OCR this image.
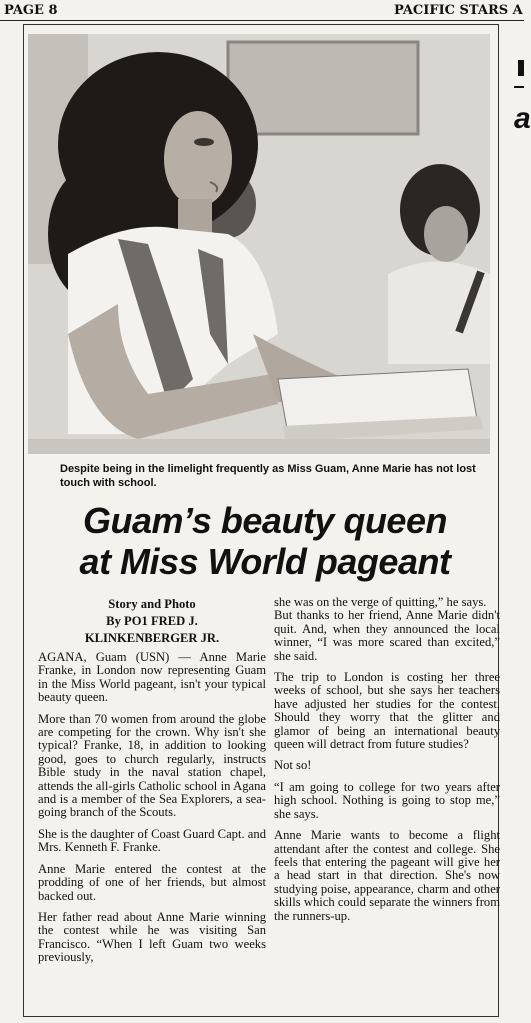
PAGE 8	PACIFIC STARS A
Despite being in the limelight frequently as Miss Guam, Anne Marie has not lost touch with school.
Guam’s beauty queen
at Miss World pageant
Story and Photo
By PO1 FRED J.
KLINKENBERGER JR.

AGANA, Guam (USN) — Anne Marie Franke, in London now representing Guam in the Miss World pageant, isn't your typical beauty queen.

More than 70 women from around the globe are competing for the crown. Why isn't she typical? Franke, 18, in addition to looking good, goes to church regularly, instructs Bible study in the naval station chapel, attends the all-girls Catholic school in Agana and is a member of the Sea Explorers, a sea-going branch of the Scouts.

She is the daughter of Coast Guard Capt. and Mrs. Kenneth F. Franke.

Anne Marie entered the contest at the prodding of one of her friends, but almost backed out.

Her father read about Anne Marie winning the contest while he was visiting San Francisco. “When I left Guam two weeks previously,

she was on the verge of quitting,” he says.

But thanks to her friend, Anne Marie didn't quit. And, when they announced the local winner, “I was more scared than excited,” she said.

The trip to London is costing her three weeks of school, but she says her teachers have adjusted her studies for the contest. Should they worry that the glitter and glamor of being an international beauty queen will detract from future studies?

Not so!

“I am going to college for two years after high school. Nothing is going to stop me,” she says.

Anne Marie wants to become a flight attendant after the contest and college. She feels that entering the pageant will give her a head start in that direction. She's now studying poise, appearance, charm and other skills which could separate the winners from the runners-up.

a
